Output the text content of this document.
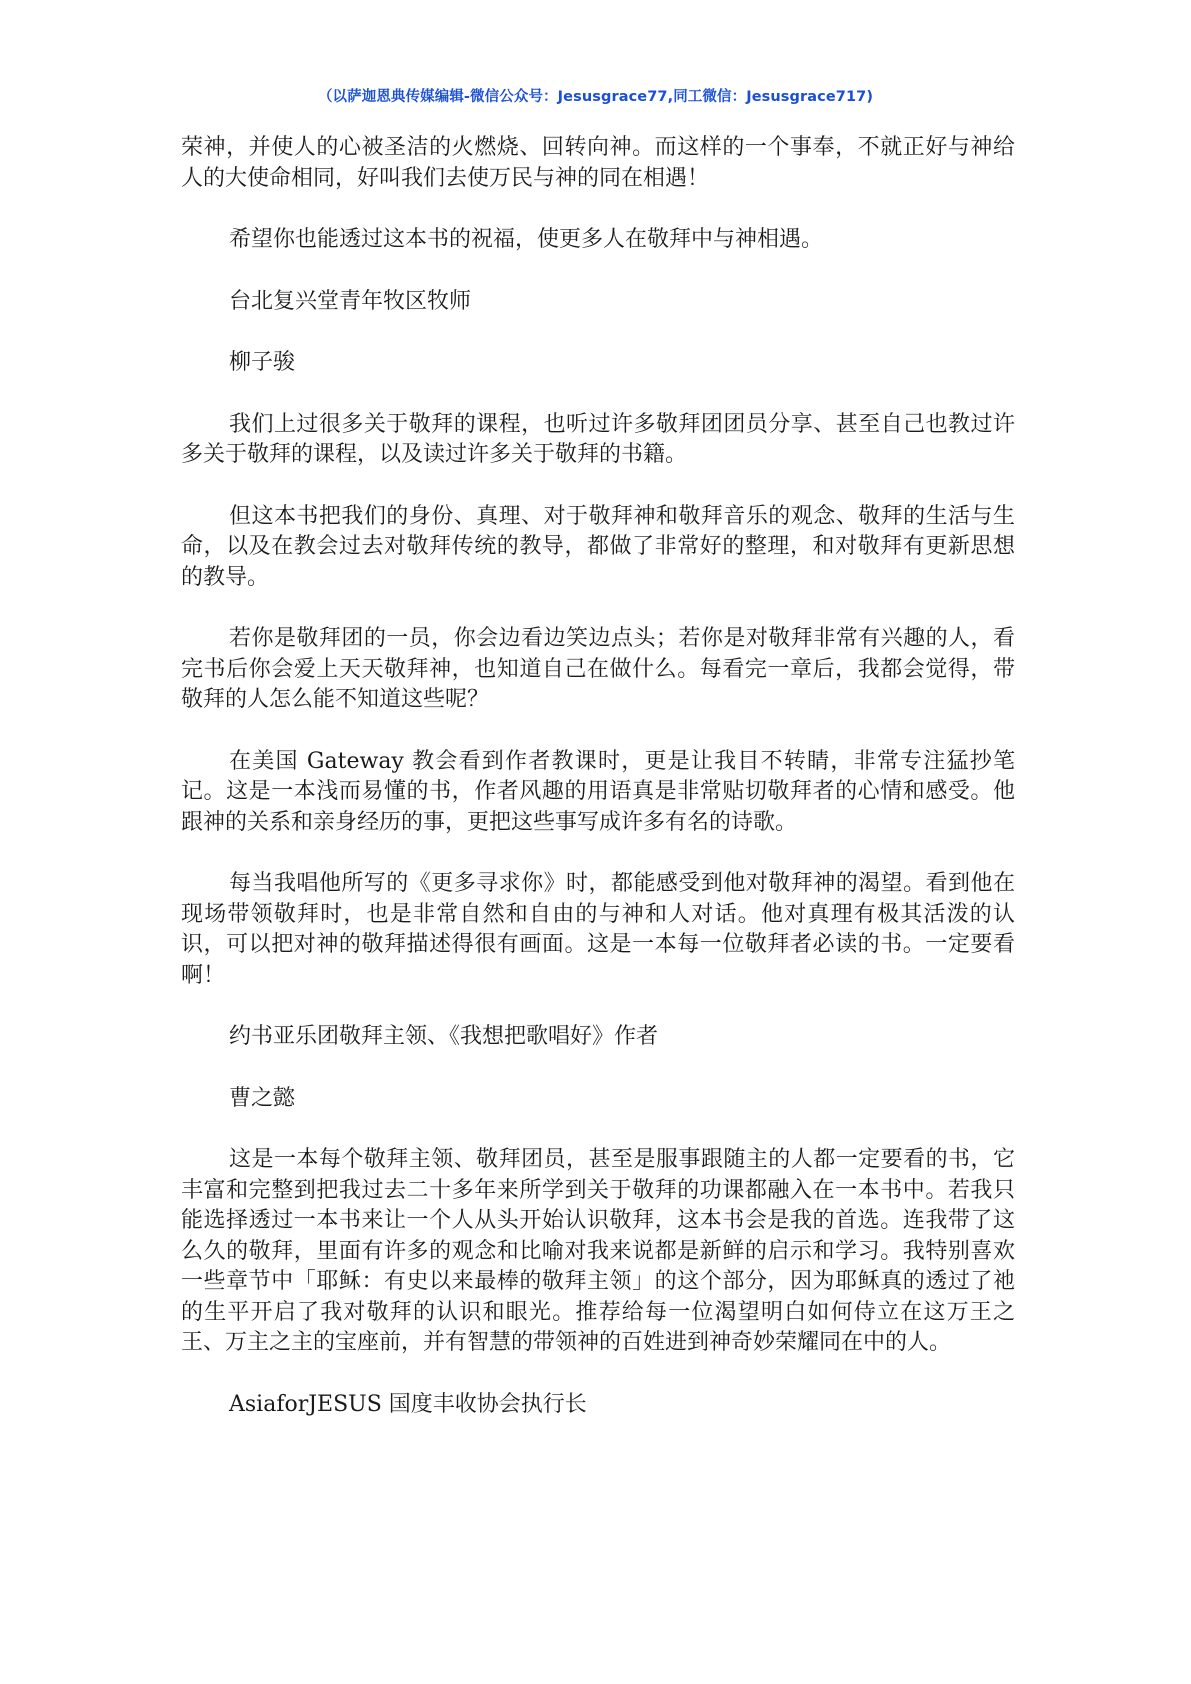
（以萨迦恩典传媒编辑-微信公众号：Jesusgrace77,同工微信：Jesusgrace717)

荣神，并使人的心被圣洁的火燃烧、回转向神。而这样的一个事奉，不就正好与神给人的大使命相同，好叫我们去使万民与神的同在相遇！

希望你也能透过这本书的祝福，使更多人在敬拜中与神相遇。

台北复兴堂青年牧区牧师

柳子骏

我们上过很多关于敬拜的课程，也听过许多敬拜团团员分享、甚至自己也教过许多关于敬拜的课程，以及读过许多关于敬拜的书籍。

但这本书把我们的身份、真理、对于敬拜神和敬拜音乐的观念、敬拜的生活与生命，以及在教会过去对敬拜传统的教导，都做了非常好的整理，和对敬拜有更新思想的教导。

若你是敬拜团的一员，你会边看边笑边点头；若你是对敬拜非常有兴趣的人，看完书后你会爱上天天敬拜神，也知道自己在做什么。每看完一章后，我都会觉得，带敬拜的人怎么能不知道这些呢？

在美国 Gateway 教会看到作者教课时，更是让我目不转睛，非常专注猛抄笔记。这是一本浅而易懂的书，作者风趣的用语真是非常贴切敬拜者的心情和感受。他跟神的关系和亲身经历的事，更把这些事写成许多有名的诗歌。

每当我唱他所写的《更多寻求你》时，都能感受到他对敬拜神的渴望。看到他在现场带领敬拜时，也是非常自然和自由的与神和人对话。他对真理有极其活泼的认识，可以把对神的敬拜描述得很有画面。这是一本每一位敬拜者必读的书。一定要看啊！

约书亚乐团敬拜主领、《我想把歌唱好》作者

曹之懿

这是一本每个敬拜主领、敬拜团员，甚至是服事跟随主的人都一定要看的书，它丰富和完整到把我过去二十多年来所学到关于敬拜的功课都融入在一本书中。若我只能选择透过一本书来让一个人从头开始认识敬拜，这本书会是我的首选。连我带了这么久的敬拜，里面有许多的观念和比喻对我来说都是新鲜的启示和学习。我特别喜欢一些章节中「耶稣：有史以来最棒的敬拜主领」的这个部分，因为耶稣真的透过了祂的生平开启了我对敬拜的认识和眼光。推荐给每一位渴望明白如何侍立在这万王之王、万主之主的宝座前，并有智慧的带领神的百姓进到神奇妙荣耀同在中的人。

AsiaforJESUS 国度丰收协会执行长
